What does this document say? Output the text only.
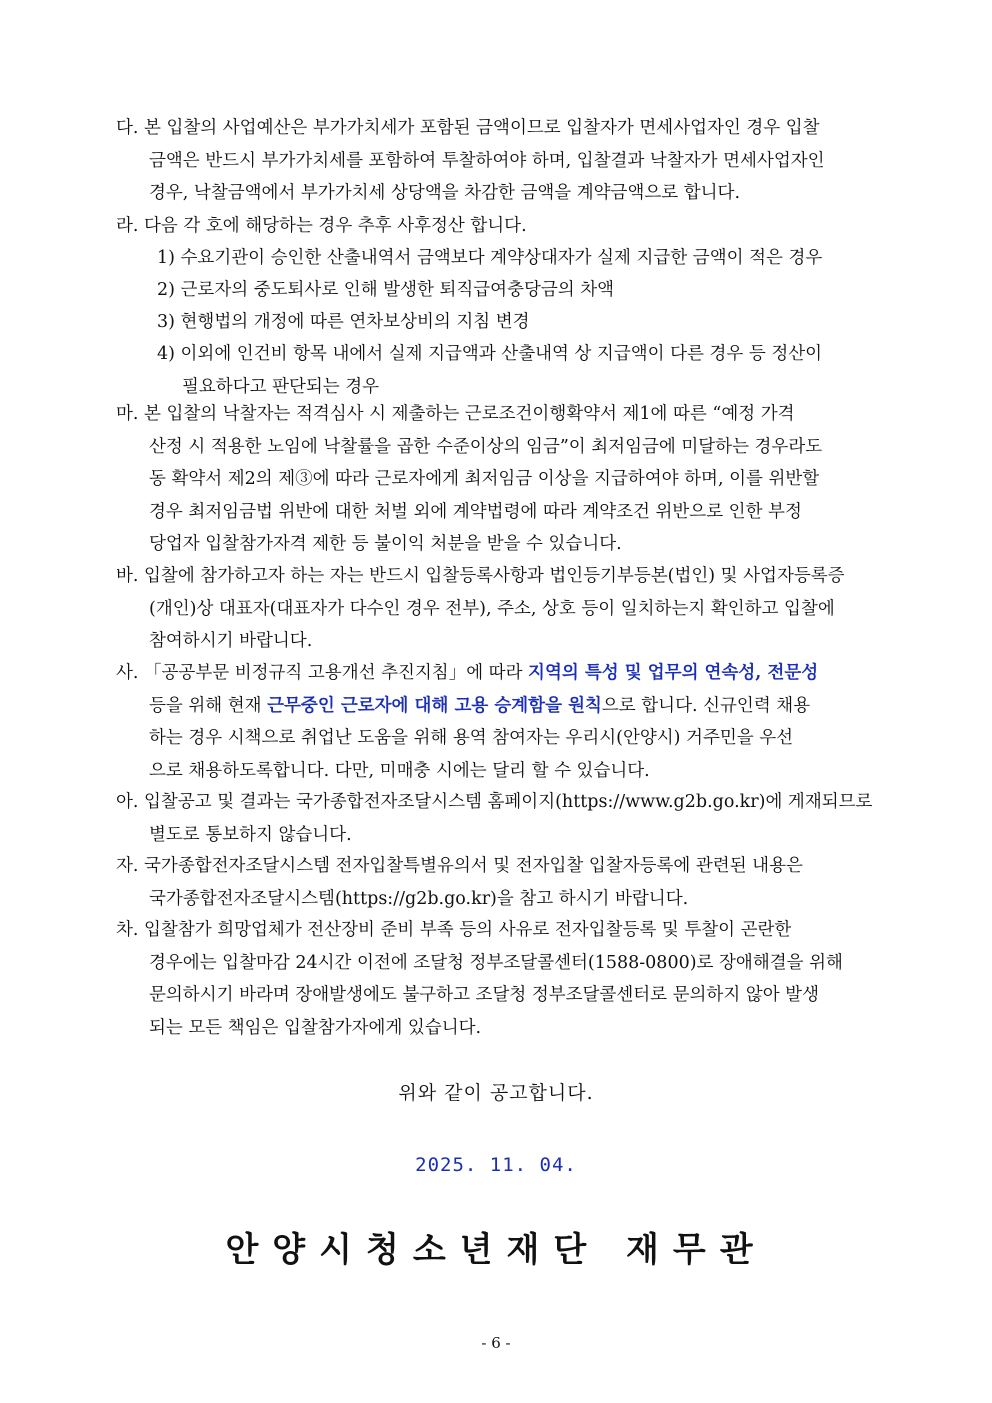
다. 본 입찰의 사업예산은 부가가치세가 포함된 금액이므로 입찰자가 면세사업자인 경우 입찰
금액은 반드시 부가가치세를 포함하여 투찰하여야 하며, 입찰결과 낙찰자가 면세사업자인
경우, 낙찰금액에서 부가가치세 상당액을 차감한 금액을 계약금액으로 합니다.
라. 다음 각 호에 해당하는 경우 추후 사후정산 합니다.
1) 수요기관이 승인한 산출내역서 금액보다 계약상대자가 실제 지급한 금액이 적은 경우
2) 근로자의 중도퇴사로 인해 발생한 퇴직급여충당금의 차액
3) 현행법의 개정에 따른 연차보상비의 지침 변경
4) 이외에 인건비 항목 내에서 실제 지급액과 산출내역 상 지급액이 다른 경우 등 정산이
필요하다고 판단되는 경우
마. 본 입찰의 낙찰자는 적격심사 시 제출하는 근로조건이행확약서 제1에 따른 “예정 가격
산정 시 적용한 노임에 낙찰률을 곱한 수준이상의 임금”이 최저임금에 미달하는 경우라도
동 확약서 제2의 제③에 따라 근로자에게 최저임금 이상을 지급하여야 하며, 이를 위반할
경우 최저임금법 위반에 대한 처벌 외에 계약법령에 따라 계약조건 위반으로 인한 부정
당업자 입찰참가자격 제한 등 불이익 처분을 받을 수 있습니다.
바. 입찰에 참가하고자 하는 자는 반드시 입찰등록사항과 법인등기부등본(법인) 및 사업자등록증
(개인)상 대표자(대표자가 다수인 경우 전부), 주소, 상호 등이 일치하는지 확인하고 입찰에
참여하시기 바랍니다.
사. 「공공부문 비정규직 고용개선 추진지침」에 따라 지역의 특성 및 업무의 연속성, 전문성
등을 위해 현재 근무중인 근로자에 대해 고용 승계함을 원칙으로 합니다. 신규인력 채용
하는 경우 시책으로 취업난 도움을 위해 용역 참여자는 우리시(안양시) 거주민을 우선
으로 채용하도록합니다. 다만, 미매충 시에는 달리 할 수 있습니다.
아. 입찰공고 및 결과는 국가종합전자조달시스템 홈페이지(https://www.g2b.go.kr)에 게재되므로
별도로 통보하지 않습니다.
자. 국가종합전자조달시스템 전자입찰특별유의서 및 전자입찰 입찰자등록에 관련된 내용은
국가종합전자조달시스템(https://g2b.go.kr)을 참고 하시기 바랍니다.
차. 입찰참가 희망업체가 전산장비 준비 부족 등의 사유로 전자입찰등록 및 투찰이 곤란한
경우에는 입찰마감 24시간 이전에 조달청 정부조달콜센터(1588-0800)로 장애해결을 위해
문의하시기 바라며 장애발생에도 불구하고 조달청 정부조달콜센터로 문의하지 않아 발생
되는 모든 책임은 입찰참가자에게 있습니다.
위와 같이 공고합니다.
2025. 11. 04.
안양시청소년재단 재무관
- 6 -
